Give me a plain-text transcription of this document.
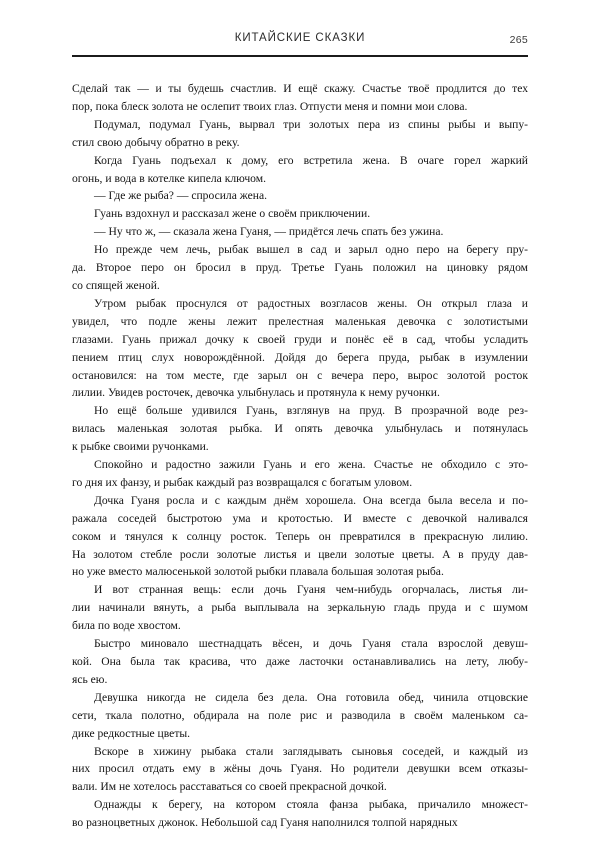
КИТАЙСКИЕ СКАЗКИ	265

Сделай так — и ты будешь счастлив. И ещё скажу. Счастье твоё продлится до тех
пор, пока блеск золота не ослепит твоих глаз. Отпусти меня и помни мои слова.

Подумал, подумал Гуань, вырвал три золотых пера из спины рыбы и выпу-
стил свою добычу обратно в реку.

Когда Гуань подъехал к дому, его встретила жена. В очаге горел жаркий
огонь, и вода в котелке кипела ключом.

— Где же рыба? — спросила жена.

Гуань вздохнул и рассказал жене о своём приключении.

— Ну что ж, — сказала жена Гуаня, — придётся лечь спать без ужина.

Но прежде чем лечь, рыбак вышел в сад и зарыл одно перо на берегу пру-
да. Второе перо он бросил в пруд. Третье Гуань положил на циновку рядом
со спящей женой.

Утром рыбак проснулся от радостных возгласов жены. Он открыл глаза и
увидел, что подле жены лежит прелестная маленькая девочка с золотистыми
глазами. Гуань прижал дочку к своей груди и понёс её в сад, чтобы усладить
пением птиц слух новорождённой. Дойдя до берега пруда, рыбак в изумлении
остановился: на том месте, где зарыл он с вечера перо, вырос золотой росток
лилии. Увидев росточек, девочка улыбнулась и протянула к нему ручонки.

Но ещё больше удивился Гуань, взглянув на пруд. В прозрачной воде рез-
вилась маленькая золотая рыбка. И опять девочка улыбнулась и потянулась
к рыбке своими ручонками.

Спокойно и радостно зажили Гуань и его жена. Счастье не обходило с это-
го дня их фанзу, и рыбак каждый раз возвращался с богатым уловом.

Дочка Гуаня росла и с каждым днём хорошела. Она всегда была весела и по-
ражала соседей быстротою ума и кротостью. И вместе с девочкой наливался
соком и тянулся к солнцу росток. Теперь он превратился в прекрасную лилию.
На золотом стебле росли золотые листья и цвели золотые цветы. А в пруду дав-
но уже вместо малюсенькой золотой рыбки плавала большая золотая рыба.

И вот странная вещь: если дочь Гуаня чем-нибудь огорчалась, листья ли-
лии начинали вянуть, а рыба выплывала на зеркальную гладь пруда и с шумом
била по воде хвостом.

Быстро миновало шестнадцать вёсен, и дочь Гуаня стала взрослой девуш-
кой. Она была так красива, что даже ласточки останавливались на лету, любу-
ясь ею.

Девушка никогда не сидела без дела. Она готовила обед, чинила отцовские
сети, ткала полотно, обдирала на поле рис и разводила в своём маленьком са-
дике редкостные цветы.

Вскоре в хижину рыбака стали заглядывать сыновья соседей, и каждый из
них просил отдать ему в жёны дочь Гуаня. Но родители девушки всем отказы-
вали. Им не хотелось расставаться со своей прекрасной дочкой.

Однажды к берегу, на котором стояла фанза рыбака, причалило множест-
во разноцветных джонок. Небольшой сад Гуаня наполнился толпой нарядных
